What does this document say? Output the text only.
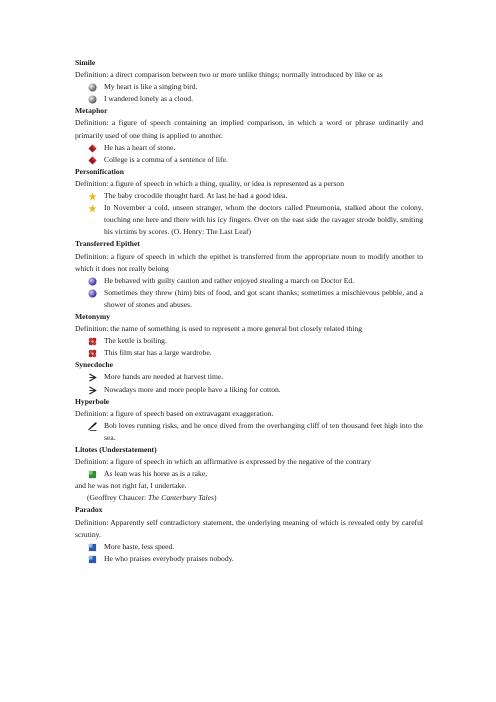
Simile
Definition: a direct comparison between two or more unlike things; normally introduced by like or as
My heart is like a singing bird.
I wandered lonely as a cloud.
Metaphor
Definition: a figure of speech containing an implied comparison, in which a word or phrase ordinarily and primarily used of one thing is applied to another.
He has a heart of stone.
College is a comma of a sentence of life.
Personification
Definition: a figure of speech in which a thing, quality, or idea is represented as a person
The baby crocodile thought hard. At last he had a good idea.
In November a cold, unseen stranger, whom the doctors called Pneumonia, stalked about the colony, touching one here and there with his icy fingers. Over on the east side the ravager strode boldly, smiting his victims by scores. (O. Henry: The Last Leaf)
Transferred Epithet
Definition: a figure of speech in which the epithet is transferred from the appropriate noun to modify another to which it does not really belong
He behaved with guilty caution and rather enjoyed stealing a march on Doctor Ed.
Sometimes they threw (him) bits of food, and got scant thanks; sometimes a mischievous pebble, and a shower of stones and abuses.
Metonymy
Definition: the name of something is used to represent a more general but closely related thing
The kettle is boiling.
This film star has a large wardrobe.
Synecdoche
More hands are needed at harvest time.
Nowadays more and more people have a liking for cotton.
Hyperbole
Definition: a figure of speech based on extravagant exaggeration.
Bob loves running risks, and he once dived from the overhanging cliff of ten thousand feet high into the sea.
Litotes (Understatement)
Definition: a figure of speech in which an affirmative is expressed by the negative of the contrary
As lean was his horse as is a rake,
and he was not right fat, I undertake.
(Geoffrey Chaucer: The Canterbury Tales)
Paradox
Definition: Apparently self contradictory statement, the underlying meaning of which is revealed only by careful scrutiny.
More haste, less speed.
He who praises everybody praises nobody.
